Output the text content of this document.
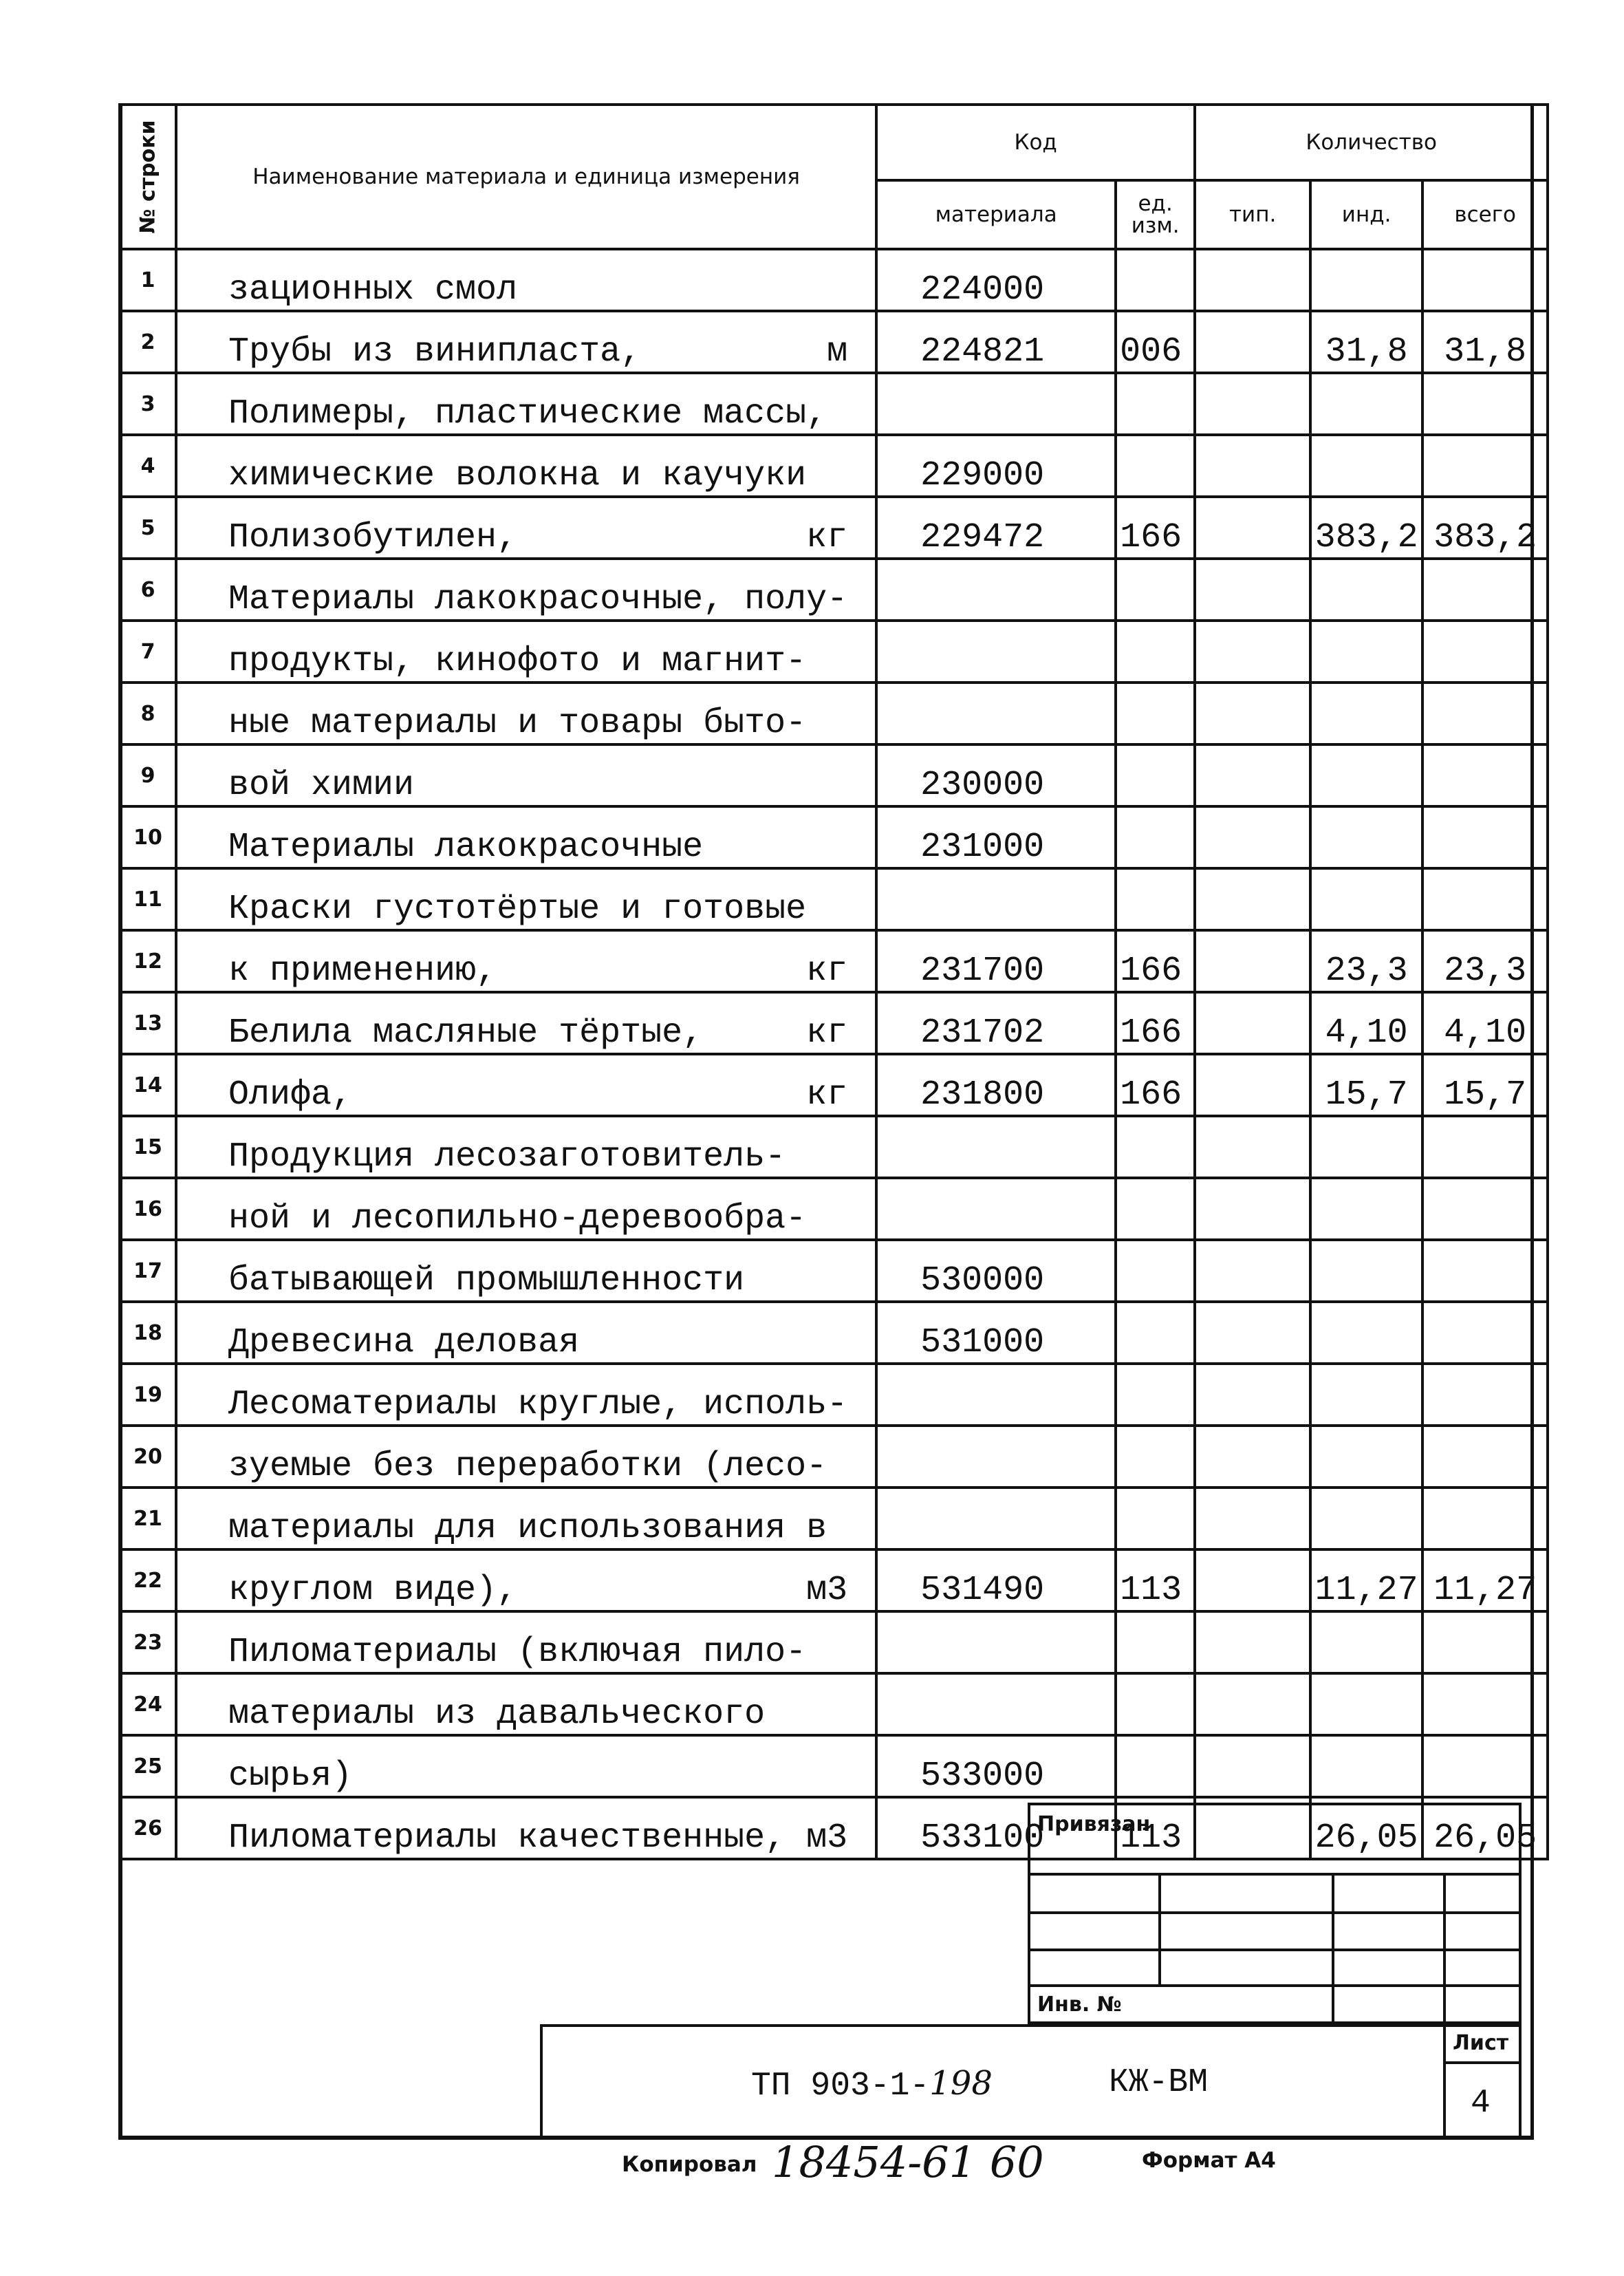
№ строки	Наименование материала и единица измерения	Код		Количество		
		материала	ед. изм.	тип.	инд.	всего
1	зационных смол	224000				
2	Трубы из винипласта, м	224821	006		31,8	31,8
3	Полимеры, пластические массы,					

4	химические волокна и каучуки	229000				
5	Полизобутилен, кг	229472	166		383,2	383,2
6	Материалы лакокрасочные, полу-					

7	продукты, кинофото и магнит-					

8	ные материалы и товары быто-					

9	вой химии	230000				
10	Материалы лакокрасочные	231000				
11	Краски густотёртые и готовые					

12	к применению, кг	231700	166		23,3	23,3
13	Белила масляные тёртые, кг	231702	166		4,10	4,10
14	Олифа, кг	231800	166		15,7	15,7
15	Продукция лесозаготовитель-					

16	ной и лесопильно-деревообра-					

17	батывающей промышленности	530000				
18	Древесина деловая	531000				
19	Лесоматериалы круглые, исполь-					

20	зуемые без переработки (лесо-					

21	материалы для использования в					

22	круглом виде), м3	531490	113		11,27	11,27
23	Пиломатериалы (включая пило-					

24	материалы из давальческого					

25	сырья)	533000				
26	Пиломатериалы качественные, м3	533100	113		26,05	26,05
Привязан
Инв. №
Лист
4
ТП 903-1-198	КЖ-ВМ
Копировал 18454-61 60	Формат А4
